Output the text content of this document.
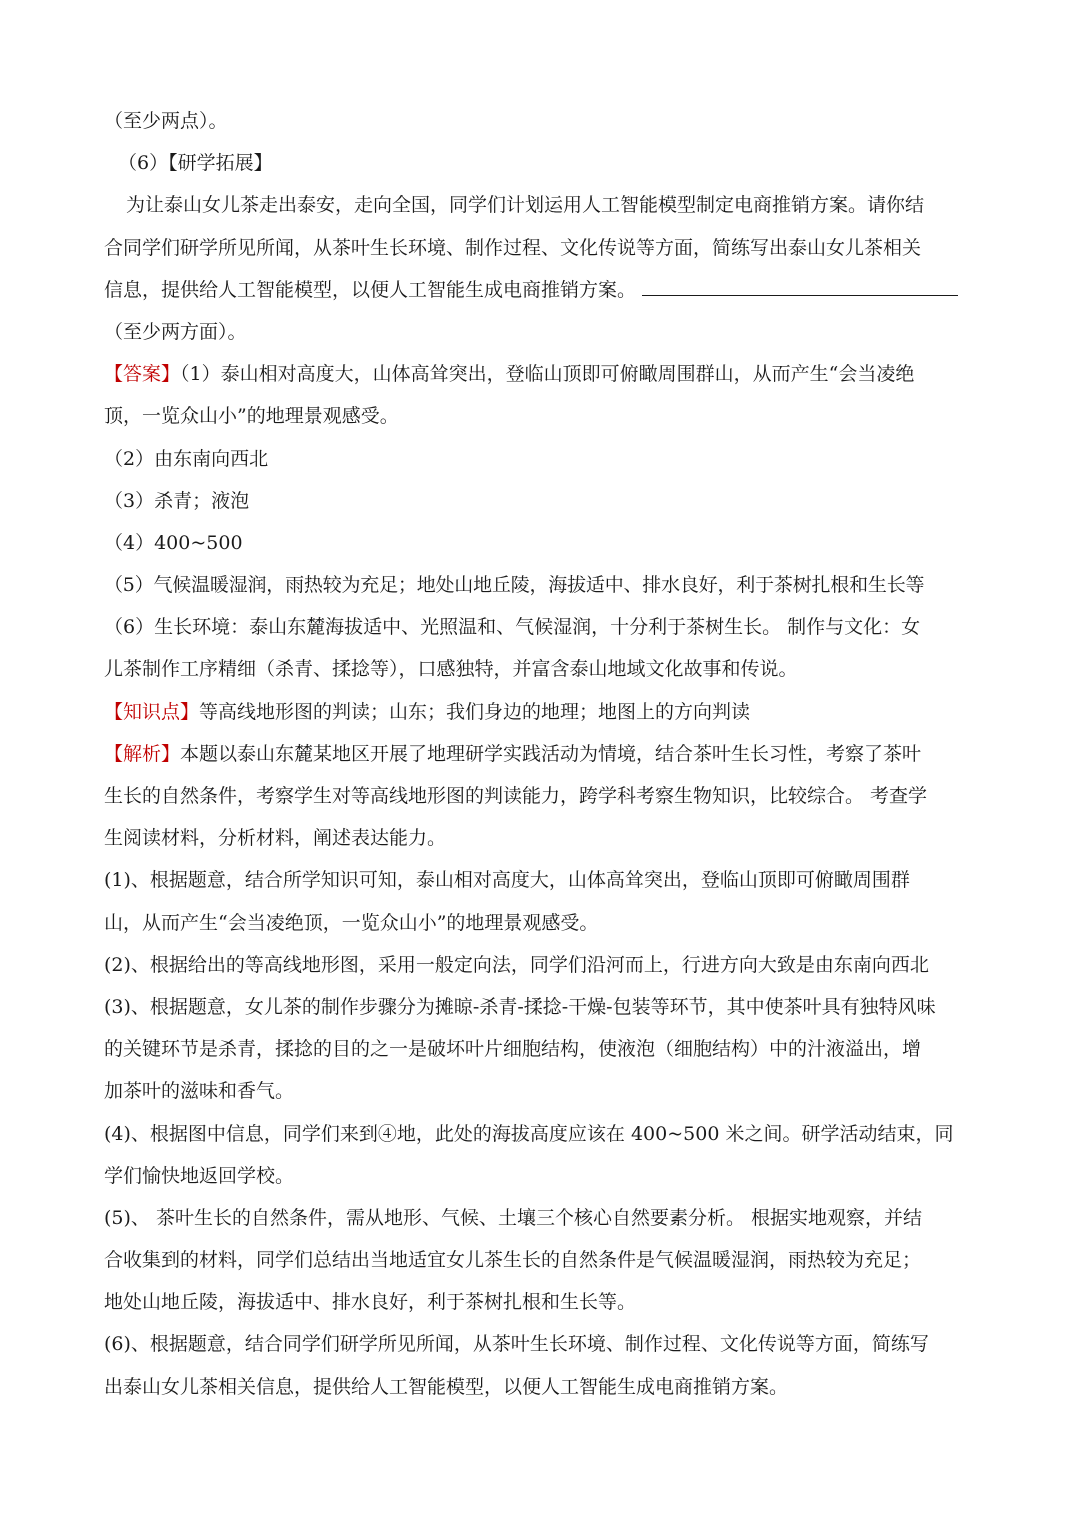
（至少两点）。
（6）【研学拓展】
为让泰山女儿茶走出泰安，走向全国，同学们计划运用人工智能模型制定电商推销方案。请你结
合同学们研学所见所闻，从茶叶生长环境、制作过程、文化传说等方面，简练写出泰山女儿茶相关
信息，提供给人工智能模型，以便人工智能生成电商推销方案。
（至少两方面）。
【答案】（1）泰山相对高度大，山体高耸突出，登临山顶即可俯瞰周围群山，从而产生“会当凌绝
顶，一览众山小”的地理景观感受。
（2）由东南向西北
（3）杀青；液泡
（4）400~500
（5）气候温暖湿润，雨热较为充足；地处山地丘陵，海拔适中、排水良好，利于茶树扎根和生长等
（6）生长环境：泰山东麓海拔适中、光照温和、气候湿润，十分利于茶树生长。 制作与文化：女
儿茶制作工序精细（杀青、揉捻等），口感独特，并富含泰山地域文化故事和传说。
【知识点】等高线地形图的判读；山东；我们身边的地理；地图上的方向判读
【解析】本题以泰山东麓某地区开展了地理研学实践活动为情境，结合茶叶生长习性，考察了茶叶
生长的自然条件，考察学生对等高线地形图的判读能力，跨学科考察生物知识，比较综合。 考查学
生阅读材料，分析材料，阐述表达能力。
(1)、根据题意，结合所学知识可知，泰山相对高度大，山体高耸突出，登临山顶即可俯瞰周围群
山，从而产生“会当凌绝顶，一览众山小”的地理景观感受。
(2)、根据给出的等高线地形图，采用一般定向法，同学们沿河而上，行进方向大致是由东南向西北
(3)、根据题意，女儿茶的制作步骤分为摊晾-杀青-揉捻-干燥-包装等环节，其中使茶叶具有独特风味
的关键环节是杀青，揉捻的目的之一是破坏叶片细胞结构，使液泡（细胞结构）中的汁液溢出，增
加茶叶的滋味和香气。
(4)、根据图中信息，同学们来到④地，此处的海拔高度应该在 400~500 米之间。研学活动结束，同
学们愉快地返回学校。
(5)、 茶叶生长的自然条件，需从地形、气候、土壤三个核心自然要素分析。 根据实地观察，并结
合收集到的材料，同学们总结出当地适宜女儿茶生长的自然条件是气候温暖湿润，雨热较为充足；
地处山地丘陵，海拔适中、排水良好，利于茶树扎根和生长等。
(6)、根据题意，结合同学们研学所见所闻，从茶叶生长环境、制作过程、文化传说等方面，简练写
出泰山女儿茶相关信息，提供给人工智能模型，以便人工智能生成电商推销方案。
